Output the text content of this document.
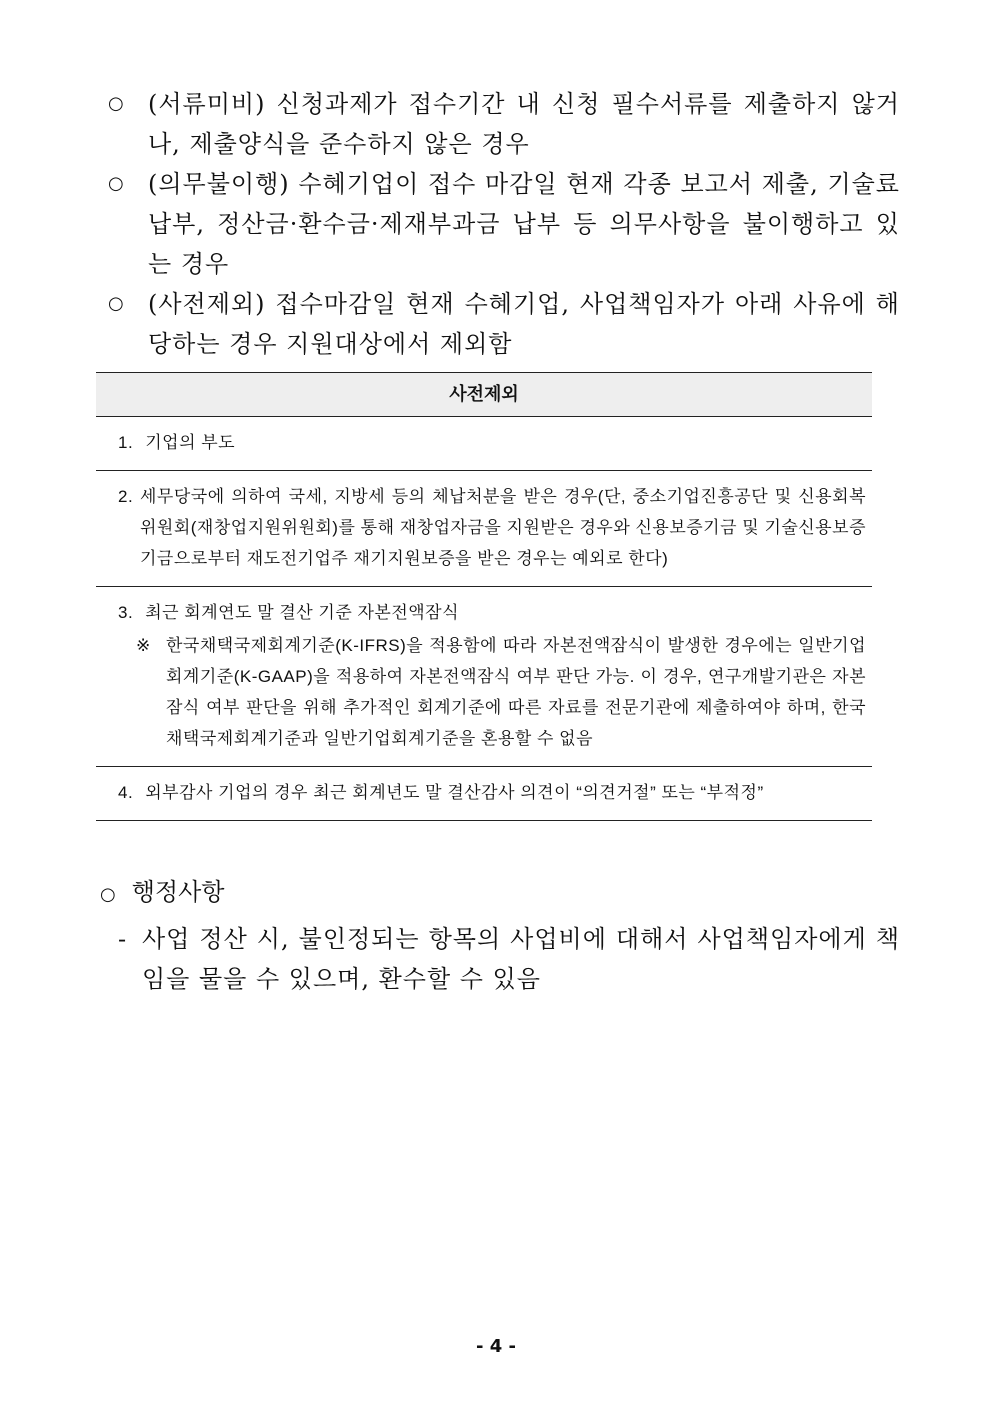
○ (서류미비) 신청과제가 접수기간 내 신청 필수서류를 제출하지 않거나, 제출양식을 준수하지 않은 경우
○ (의무불이행) 수혜기업이 접수 마감일 현재 각종 보고서 제출, 기술료 납부, 정산금·환수금·제재부과금 납부 등 의무사항을 불이행하고 있는 경우
○ (사전제외) 접수마감일 현재 수혜기업, 사업책임자가 아래 사유에 해당하는 경우 지원대상에서 제외함
사전제외
1. 기업의 부도
2. 세무당국에 의하여 국세, 지방세 등의 체납처분을 받은 경우(단, 중소기업진흥공단 및 신용회복위원회(재창업지원위원회)를 통해 재창업자금을 지원받은 경우와 신용보증기금 및 기술신용보증기금으로부터 재도전기업주 재기지원보증을 받은 경우는 예외로 한다)
3. 최근 회계연도 말 결산 기준 자본전액잠식
※ 한국채택국제회계기준(K-IFRS)을 적용함에 따라 자본전액잠식이 발생한 경우에는 일반기업회계기준(K-GAAP)을 적용하여 자본전액잠식 여부 판단 가능. 이 경우, 연구개발기관은 자본잠식 여부 판단을 위해 추가적인 회계기준에 따른 자료를 전문기관에 제출하여야 하며, 한국채택국제회계기준과 일반기업회계기준을 혼용할 수 없음
4. 외부감사 기업의 경우 최근 회계년도 말 결산감사 의견이 “의견거절” 또는 “부적정”
○ 행정사항
- 사업 정산 시, 불인정되는 항목의 사업비에 대해서 사업책임자에게 책임을 물을 수 있으며, 환수할 수 있음
- 4 -
